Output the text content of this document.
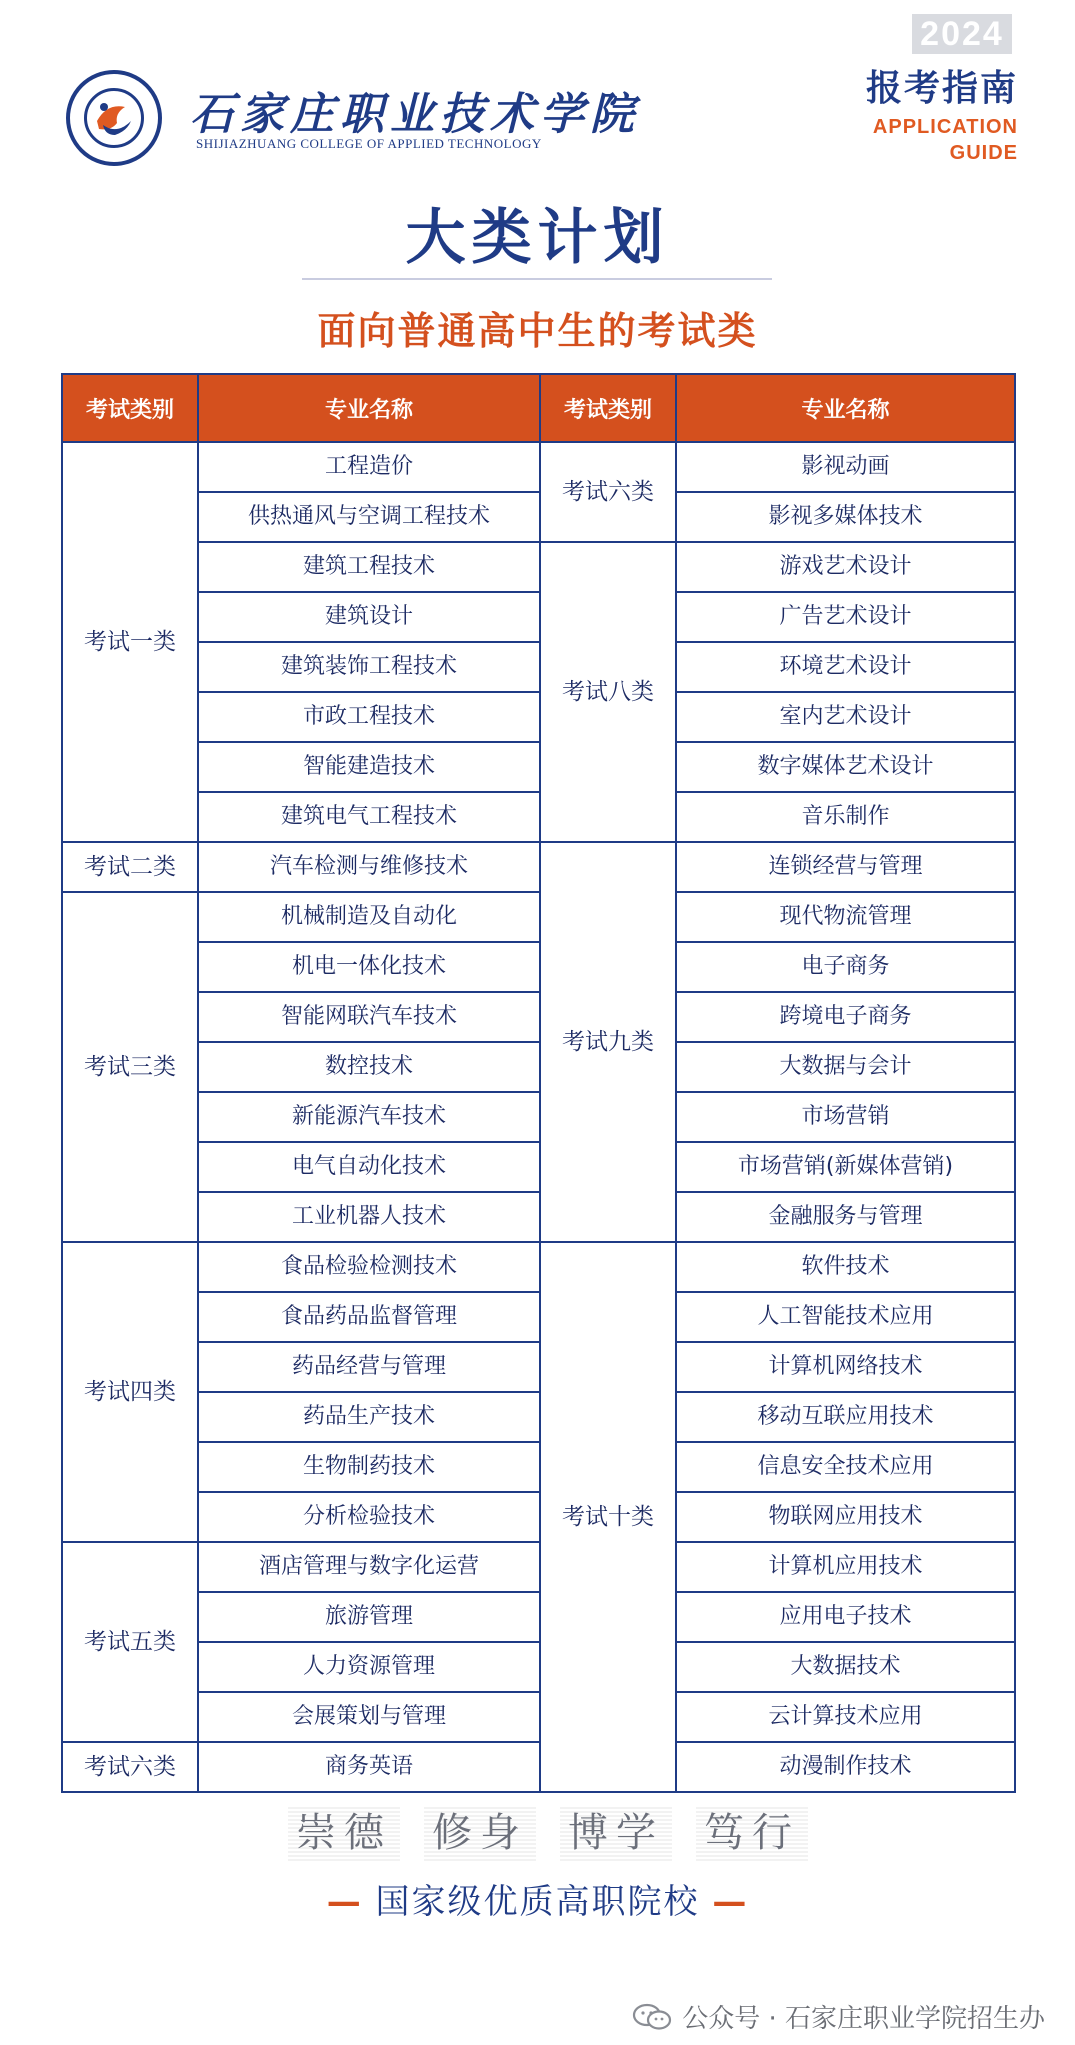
石家庄职业技术学院
SHIJIAZHUANG COLLEGE OF APPLIED TECHNOLOGY
2024
报考指南
APPLICATION
GUIDE
大类计划
面向普通高中生的考试类
考试类别	专业名称	考试类别	专业名称
考试一类	工程造价	考试六类	影视动画
	供热通风与空调工程技术		影视多媒体技术
	建筑工程技术	考试八类	游戏艺术设计
	建筑设计		广告艺术设计
	建筑装饰工程技术		环境艺术设计
	市政工程技术		室内艺术设计
	智能建造技术		数字媒体艺术设计
	建筑电气工程技术		音乐制作
考试二类	汽车检测与维修技术	考试九类	连锁经营与管理
考试三类	机械制造及自动化		现代物流管理
	机电一体化技术		电子商务
	智能网联汽车技术		跨境电子商务
	数控技术		大数据与会计
	新能源汽车技术		市场营销
	电气自动化技术		市场营销(新媒体营销)
	工业机器人技术		金融服务与管理
考试四类	食品检验检测技术	考试十类	软件技术
	食品药品监督管理		人工智能技术应用
	药品经营与管理		计算机网络技术
	药品生产技术		移动互联应用技术
	生物制药技术		信息安全技术应用
	分析检验技术		物联网应用技术
考试五类	酒店管理与数字化运营		计算机应用技术
	旅游管理		应用电子技术
	人力资源管理		大数据技术
	会展策划与管理		云计算技术应用
考试六类	商务英语		动漫制作技术
崇德 修身 博学 笃行
— 国家级优质高职院校 —
公众号 · 石家庄职业学院招生办
